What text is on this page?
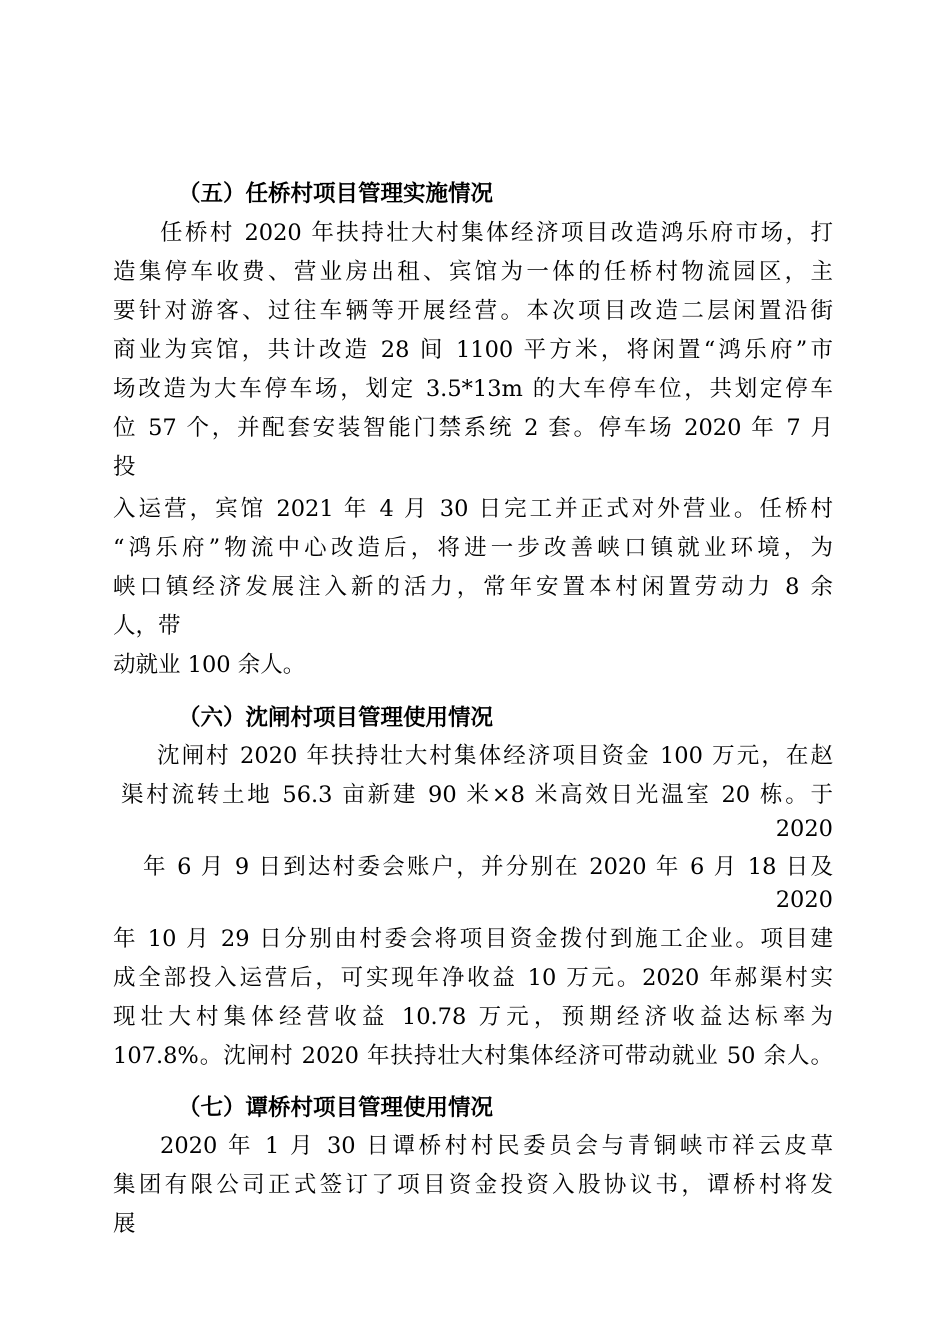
（五）任桥村项目管理实施情况
任桥村 2020 年扶持壮大村集体经济项目改造鸿乐府市场，打
造集停车收费、营业房出租、宾馆为一体的任桥村物流园区，主
要针对游客、过往车辆等开展经营。本次项目改造二层闲置沿街
商业为宾馆，共计改造 28 间 1100 平方米，将闲置“鸿乐府”市
场改造为大车停车场，划定 3.5*13m 的大车停车位，共划定停车
位 57 个，并配套安装智能门禁系统 2 套。停车场 2020 年 7 月
投
入运营，宾馆 2021 年 4 月 30 日完工并正式对外营业。任桥村
“鸿乐府”物流中心改造后，将进一步改善峡口镇就业环境，为
峡口镇经济发展注入新的活力，常年安置本村闲置劳动力 8 余
人，带
动就业 100 余人。
（六）沈闸村项目管理使用情况
沈闸村 2020 年扶持壮大村集体经济项目资金 100 万元，在赵
渠村流转土地 56.3 亩新建 90 米×8 米高效日光温室 20 栋。于
2020
年 6 月 9 日到达村委会账户，并分别在 2020 年 6 月 18 日及
2020
年 10 月 29 日分别由村委会将项目资金拨付到施工企业。项目建
成全部投入运营后，可实现年净收益 10 万元。2020 年郝渠村实
现壮大村集体经营收益 10.78 万元，预期经济收益达标率为
107.8%。沈闸村 2020 年扶持壮大村集体经济可带动就业 50 余人。
（七）谭桥村项目管理使用情况
2020 年 1 月 30 日谭桥村村民委员会与青铜峡市祥云皮草
集团有限公司正式签订了项目资金投资入股协议书，谭桥村将发
展
